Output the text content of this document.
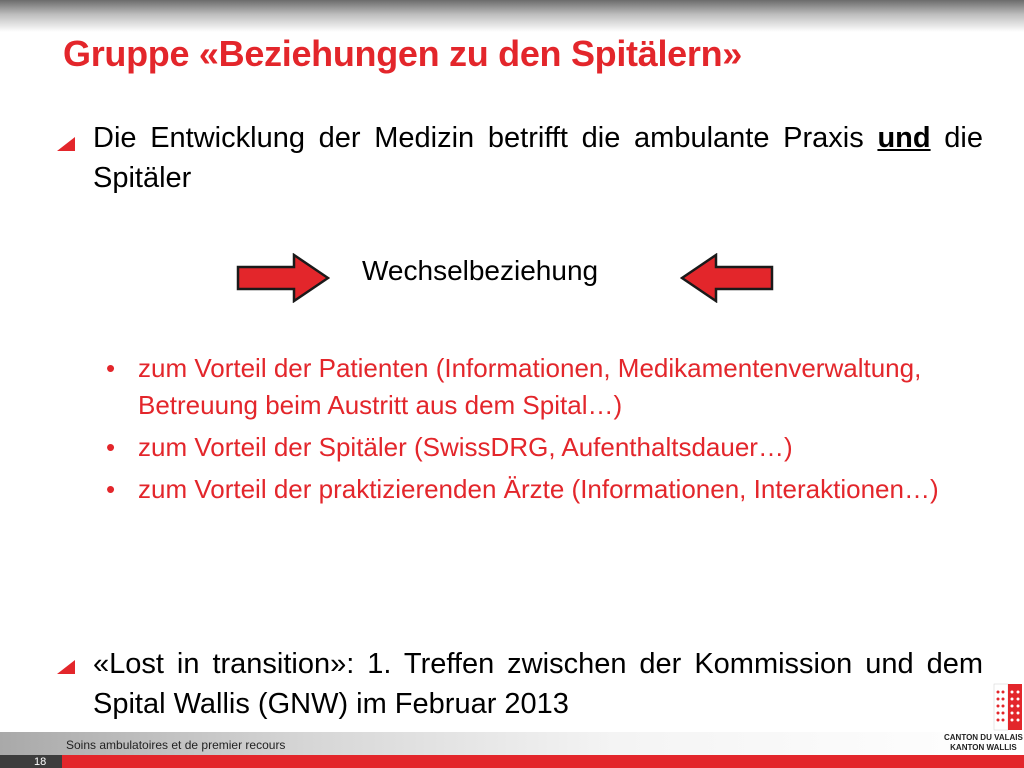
Gruppe «Beziehungen zu den Spitälern»

Die Entwicklung der Medizin betrifft die ambulante Praxis und die Spitäler

Wechselbeziehung
• zum Vorteil der Patienten (Informationen, Medikamentenverwaltung, Betreuung beim Austritt aus dem Spital…)
• zum Vorteil der Spitäler (SwissDRG, Aufenthaltsdauer…)
• zum Vorteil der praktizierenden Ärzte (Informationen, Interaktionen…)

«Lost in transition»: 1. Treffen zwischen der Kommission und dem Spital Wallis (GNW) im Februar 2013

Soins ambulatoires et de premier recours
18
CANTON DU VALAIS
KANTON WALLIS
